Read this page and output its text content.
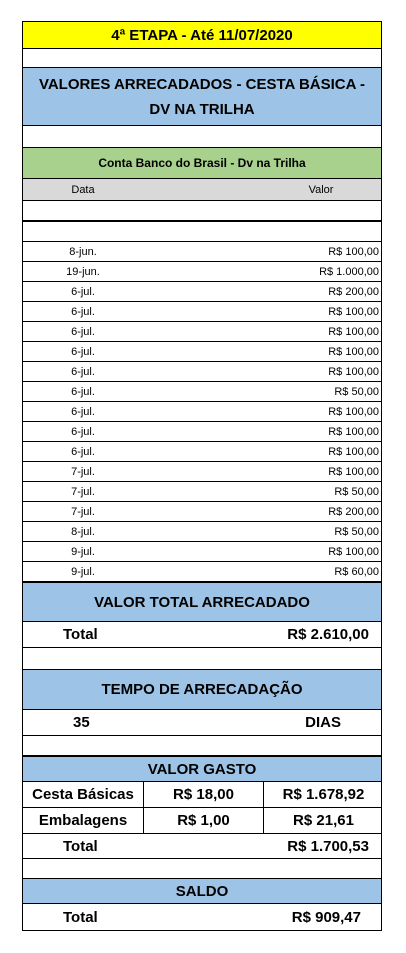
4ª ETAPA - Até 11/07/2020
VALORES ARRECADADOS - CESTA BÁSICA - DV NA TRILHA
Conta Banco do Brasil - Dv na Trilha
Data	Valor
8-jun.	R$ 100,00
19-jun.	R$ 1.000,00
6-jul.	R$ 200,00
6-jul.	R$ 100,00
6-jul.	R$ 100,00
6-jul.	R$ 100,00
6-jul.	R$ 100,00
6-jul.	R$ 50,00
6-jul.	R$ 100,00
6-jul.	R$ 100,00
6-jul.	R$ 100,00
7-jul.	R$ 100,00
7-jul.	R$ 50,00
7-jul.	R$ 200,00
8-jul.	R$ 50,00
9-jul.	R$ 100,00
9-jul.	R$ 60,00
VALOR TOTAL ARRECADADO
Total	R$ 2.610,00
TEMPO DE ARRECADAÇÃO
35	DIAS
VALOR GASTO
Cesta Básicas	R$ 18,00	R$ 1.678,92
Embalagens	R$ 1,00	R$ 21,61
Total	R$ 1.700,53
SALDO
Total	R$ 909,47
